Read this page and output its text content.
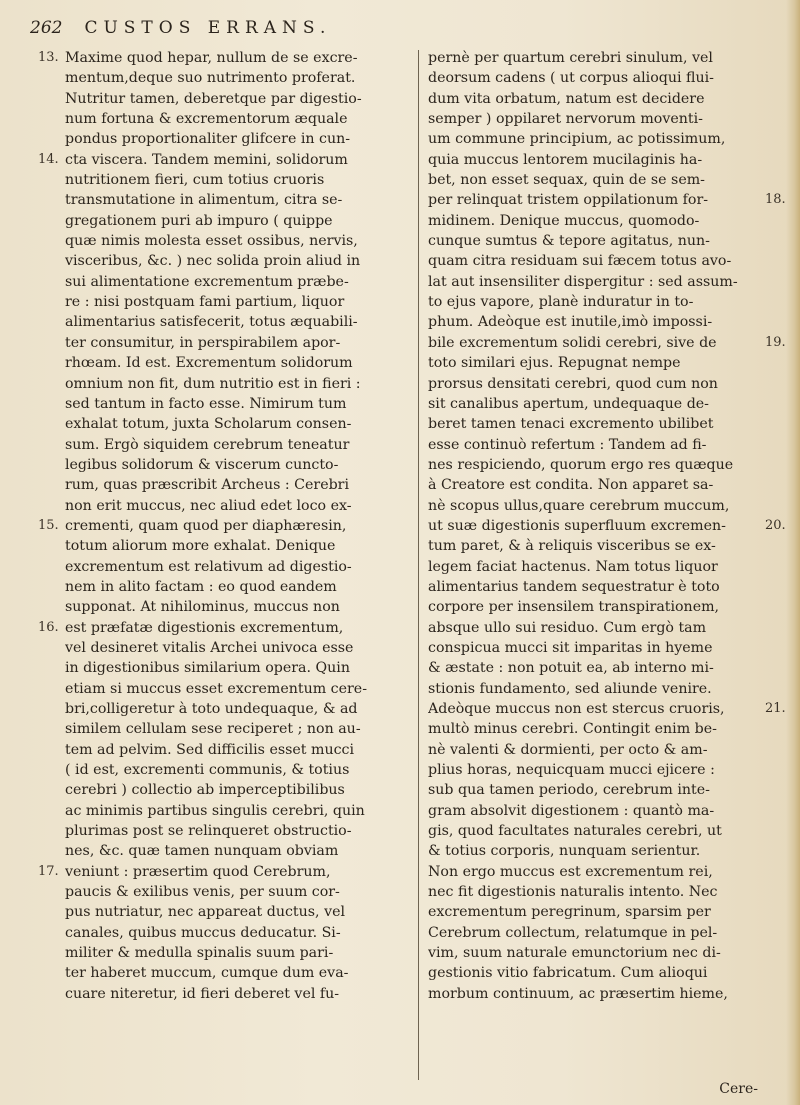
262 CUSTOS ERRANS.
Maxime quod hepar, nullum de se excre-
mentum,deque suo nutrimento proferat.
Nutritur tamen, deberetque par digestio-
num fortuna & excrementorum æquale
pondus proportionaliter glifcere in cun-
cta viscera. Tandem memini, solidorum
nutritionem fieri, cum totius cruoris
transmutatione in alimentum, citra se-
gregationem puri ab impuro ( quippe
quæ nimis molesta esset ossibus, nervis,
visceribus, &c. ) nec solida proin aliud in
sui alimentatione excrementum præbe-
re : nisi postquam fami partium, liquor
alimentarius satisfecerit, totus æquabili-
ter consumitur, in perspirabilem apor-
rhœam. Id est. Excrementum solidorum
omnium non fit, dum nutritio est in fieri :
sed tantum in facto esse. Nimirum tum
exhalat totum, juxta Scholarum consen-
sum. Ergò siquidem cerebrum teneatur
legibus solidorum & viscerum cuncto-
rum, quas præscribit Archeus : Cerebri
non erit muccus, nec aliud edet loco ex-
crementi, quam quod per diaphæresin,
totum aliorum more exhalat. Denique
excrementum est relativum ad digestio-
nem in alito factam : eo quod eandem
supponat. At nihilominus, muccus non
est præfatæ digestionis excrementum,
vel desineret vitalis Archei univoca esse
in digestionibus similarium opera. Quin
etiam si muccus esset excrementum cere-
bri,colligeretur à toto undequaque, & ad
similem cellulam sese reciperet ; non au-
tem ad pelvim. Sed difficilis esset mucci
( id est, excrementi communis, & totius
cerebri ) collectio ab imperceptibilibus
ac minimis partibus singulis cerebri, quin
plurimas post se relinqueret obstructio-
nes, &c. quæ tamen nunquam obviam
veniunt : præsertim quod Cerebrum,
paucis & exilibus venis, per suum cor-
pus nutriatur, nec appareat ductus, vel
canales, quibus muccus deducatur. Si-
militer & medulla spinalis suum pari-
ter haberet muccum, cumque dum eva-
cuare niteretur, id fieri deberet vel fu-
pernè per quartum cerebri sinulum, vel
deorsum cadens ( ut corpus alioqui flui-
dum vita orbatum, natum est decidere
semper ) oppilaret nervorum moventi-
um commune principium, ac potissimum,
quia muccus lentorem mucilaginis ha-
bet, non esset sequax, quin de se sem-
per relinquat tristem oppilationum for-
midinem. Denique muccus, quomodo-
cunque sumtus & tepore agitatus, nun-
quam citra residuam sui fæcem totus avo-
lat aut insensiliter dispergitur : sed assum-
to ejus vapore, planè induratur in to-
phum. Adeòque est inutile,imò impossi-
bile excrementum solidi cerebri, sive de
toto similari ejus. Repugnat nempe
prorsus densitati cerebri, quod cum non
sit canalibus apertum, undequaque de-
beret tamen tenaci excremento ubilibet
esse continuò refertum : Tandem ad fi-
nes respiciendo, quorum ergo res quæque
à Creatore est condita. Non apparet sa-
nè scopus ullus,quare cerebrum muccum,
ut suæ digestionis superfluum excremen-
tum paret, & à reliquis visceribus se ex-
legem faciat hactenus. Nam totus liquor
alimentarius tandem sequestratur è toto
corpore per insensilem transpirationem,
absque ullo sui residuo. Cum ergò tam
conspicua mucci sit imparitas in hyeme
& æstate : non potuit ea, ab interno mi-
stionis fundamento, sed aliunde venire.
Adeòque muccus non est stercus cruoris,
multò minus cerebri. Contingit enim be-
nè valenti & dormienti, per octo & am-
plius horas, nequicquam mucci ejicere :
sub qua tamen periodo, cerebrum inte-
gram absolvit digestionem : quantò ma-
gis, quod facultates naturales cerebri, ut
& totius corporis, nunquam serientur.
Non ergo muccus est excrementum rei,
nec fit digestionis naturalis intento. Nec
excrementum peregrinum, sparsim per
Cerebrum collectum, relatumque in pel-
vim, suum naturale emunctorium nec di-
gestionis vitio fabricatum. Cum alioqui
morbum continuum, ac præsertim hieme,
13.
14.
15.
16.
17.
18.
19.
20.
21.
Cere-
